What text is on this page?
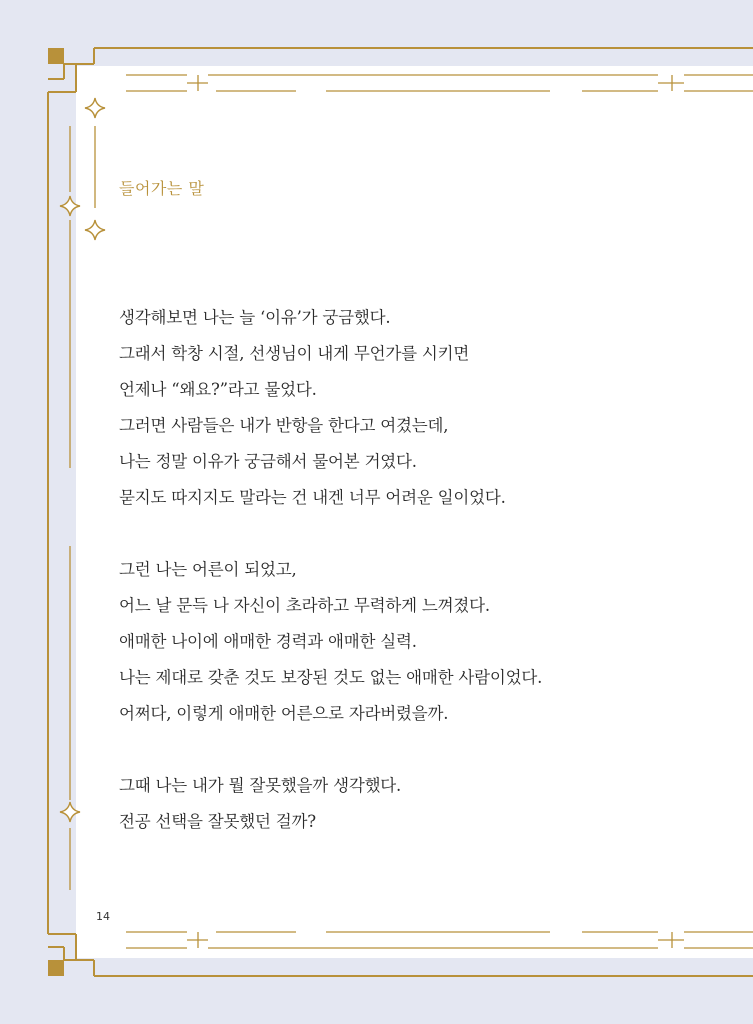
들어가는 말
생각해보면 나는 늘 ‘이유’가 궁금했다.
그래서 학창 시절, 선생님이 내게 무언가를 시키면
언제나 “왜요?”라고 물었다.
그러면 사람들은 내가 반항을 한다고 여겼는데,
나는 정말 이유가 궁금해서 물어본 거였다.
묻지도 따지지도 말라는 건 내겐 너무 어려운 일이었다.
그런 나는 어른이 되었고,
어느 날 문득 나 자신이 초라하고 무력하게 느껴졌다.
애매한 나이에 애매한 경력과 애매한 실력.
나는 제대로 갖춘 것도 보장된 것도 없는 애매한 사람이었다.
어쩌다, 이렇게 애매한 어른으로 자라버렸을까.
그때 나는 내가 뭘 잘못했을까 생각했다.
전공 선택을 잘못했던 걸까?
14
